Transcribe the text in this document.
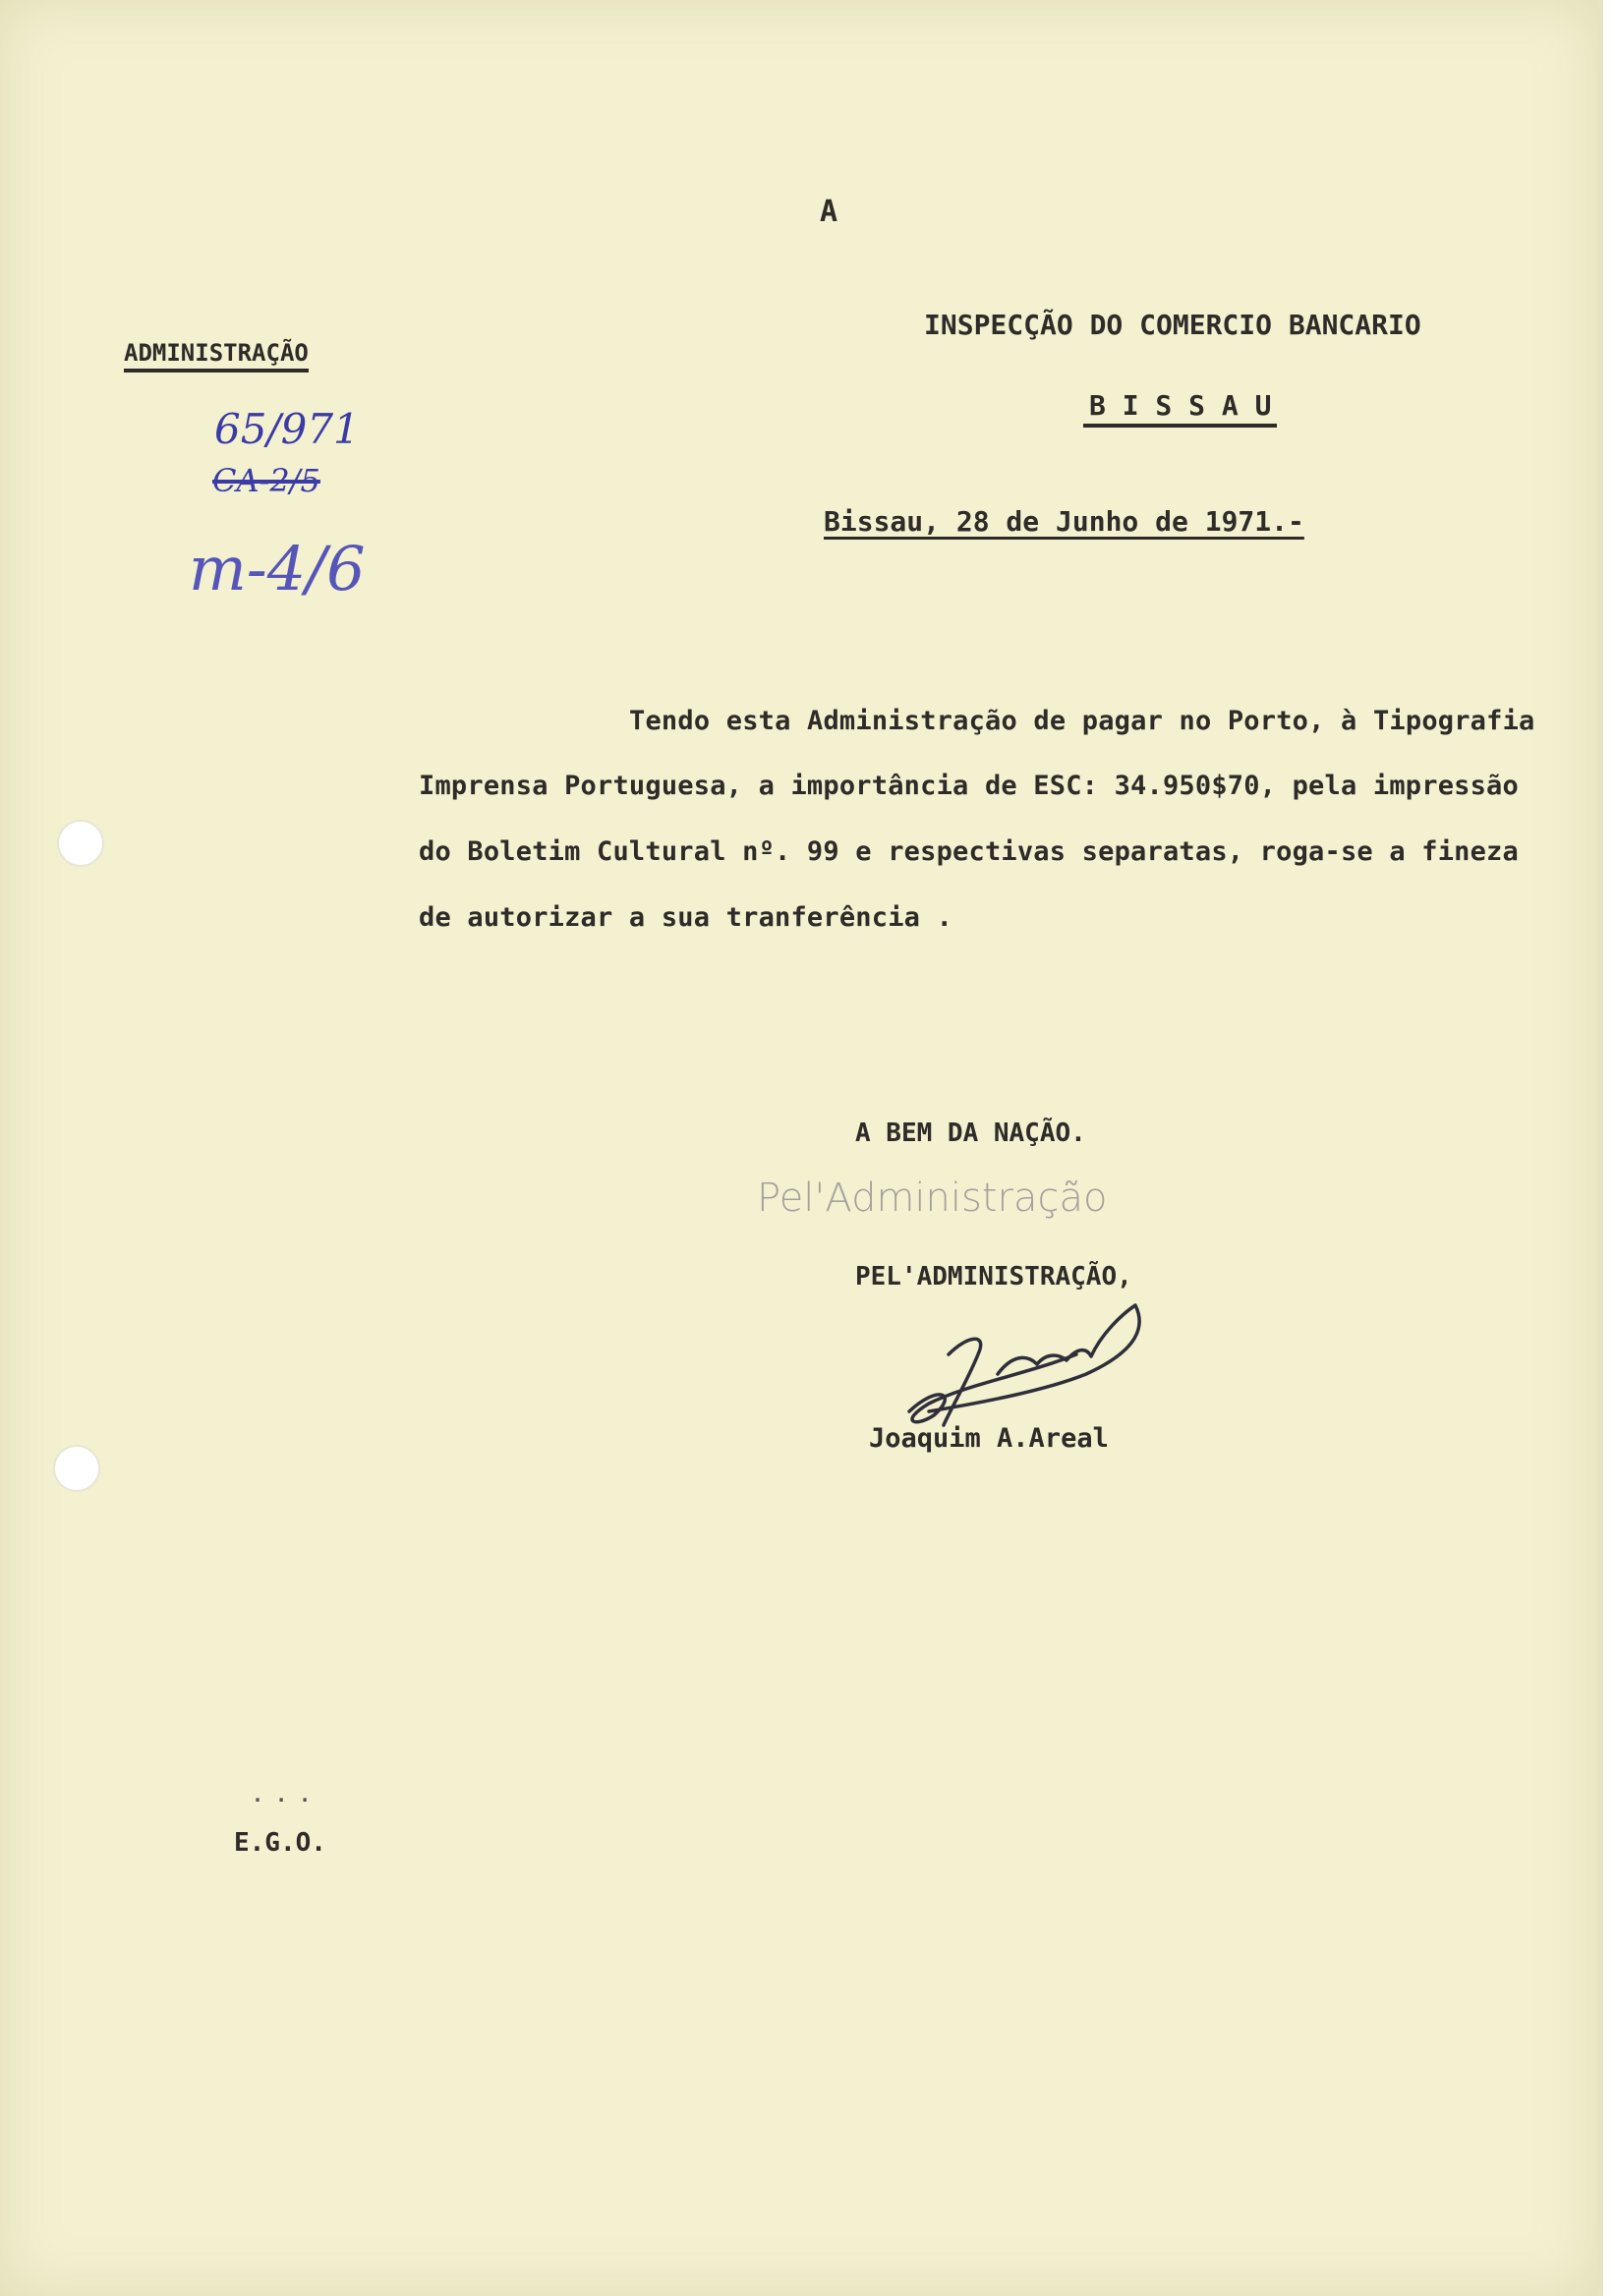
A
INSPECÇÃO DO COMERCIO BANCARIO
B I S S A U
ADMINISTRAÇÃO
65/971
CA-2/5
m-4/6
Bissau, 28 de Junho de 1971.-
Tendo esta Administração de pagar no Porto, à Tipografia
Imprensa Portuguesa, a importância de ESC: 34.950$70, pela impressão
do Boletim Cultural nº. 99 e respectivas separatas, roga-se a fineza
de autorizar a sua tranferência .
A BEM DA NAÇÃO.
Pel'Administração
PEL'ADMINISTRAÇÃO,
Joaquim A.Areal
. . .
E.G.O.
